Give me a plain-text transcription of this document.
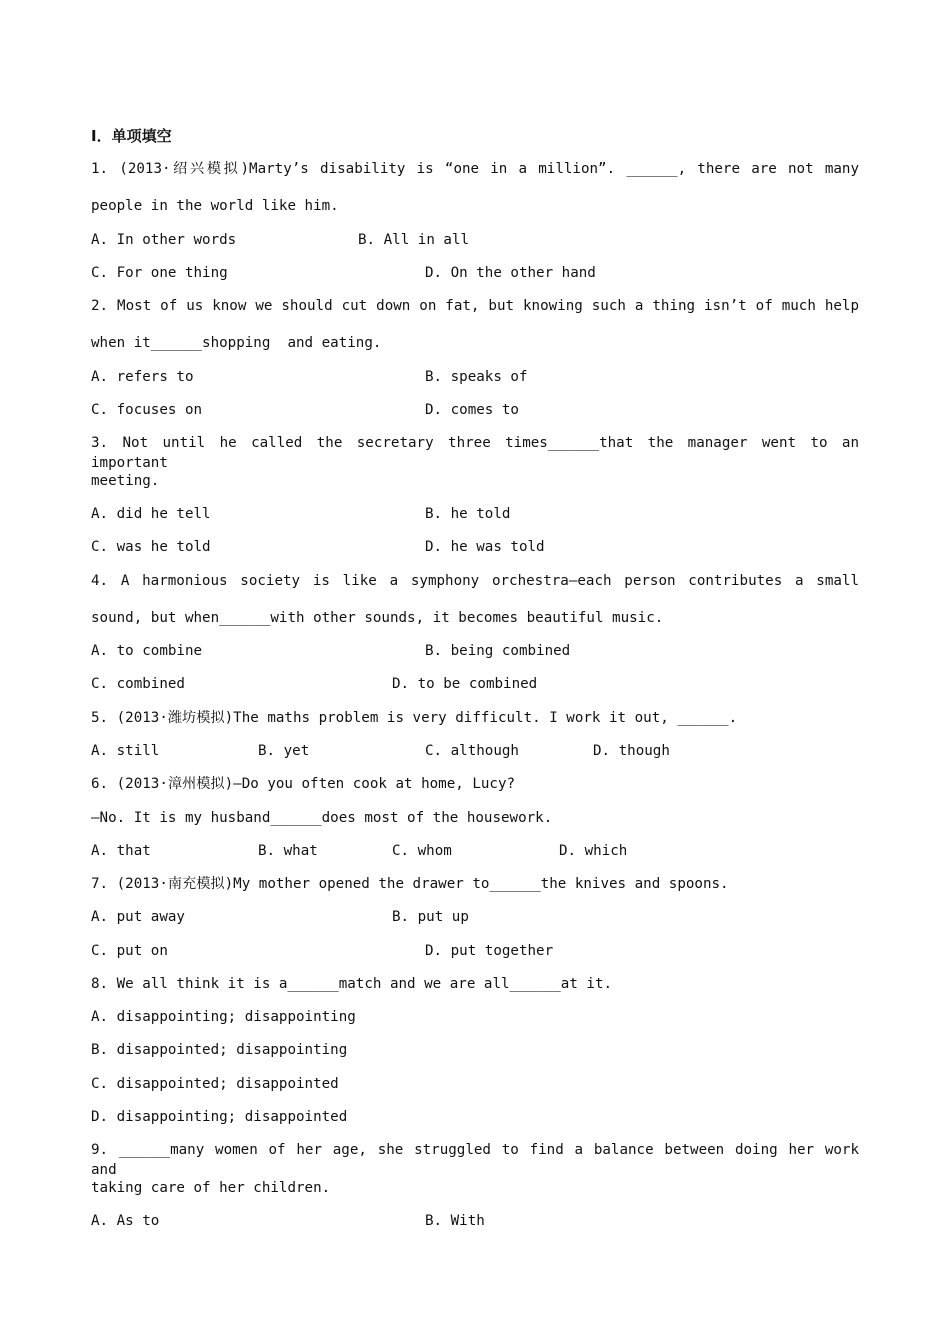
Ⅰ．单项填空
1. (2013·绍兴模拟)Marty’s disability is “one in a million”. ______, there are not many
people in the world like him.
A. In other words	B. All in all
C. For one thing	D. On the other hand
2. Most of us know we should cut down on fat, but knowing such a thing isn’t of much help
when it______shopping  and eating.
A. refers to	B. speaks of
C. focuses on	D. comes to
3. Not until he called the secretary three times______that the manager went to an important
meeting.
A. did he tell	B. he told
C. was he told	D. he was told
4. A harmonious society is like a symphony orchestra—each person contributes a small
sound, but when______with other sounds, it becomes beautiful music.
A. to combine	B. being combined
C. combined	D. to be combined
5. (2013·潍坊模拟)The maths problem is very difficult. I work it out, ______.
A. still	B. yet	C. although	D. though
6. (2013·漳州模拟)—Do you often cook at home, Lucy?
—No. It is my husband______does most of the housework.
A. that	B. what	C. whom	D. which
7. (2013·南充模拟)My mother opened the drawer to______the knives and spoons.
A. put away	B. put up
C. put on	D. put together
8. We all think it is a______match and we are all______at it.
A. disappointing; disappointing
B. disappointed; disappointing
C. disappointed; disappointed
D. disappointing; disappointed
9. ______many women of her age, she struggled to find a balance between doing her work and
taking care of her children.
A. As to	B. With
